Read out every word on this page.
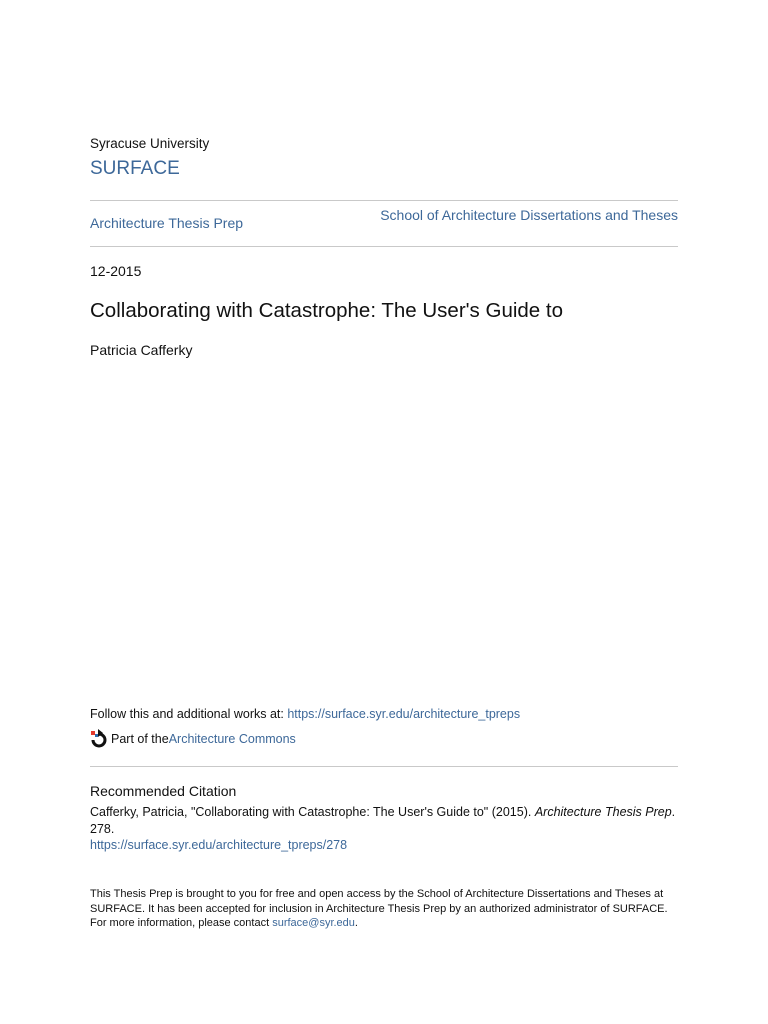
Syracuse University
SURFACE
Architecture Thesis Prep	School of Architecture Dissertations and Theses
12-2015
Collaborating with Catastrophe: The User's Guide to
Patricia Cafferky
Follow this and additional works at: https://surface.syr.edu/architecture_tpreps
Part of the Architecture Commons
Recommended Citation
Cafferky, Patricia, "Collaborating with Catastrophe: The User's Guide to" (2015). Architecture Thesis Prep. 278.
https://surface.syr.edu/architecture_tpreps/278
This Thesis Prep is brought to you for free and open access by the School of Architecture Dissertations and Theses at SURFACE. It has been accepted for inclusion in Architecture Thesis Prep by an authorized administrator of SURFACE. For more information, please contact surface@syr.edu.
